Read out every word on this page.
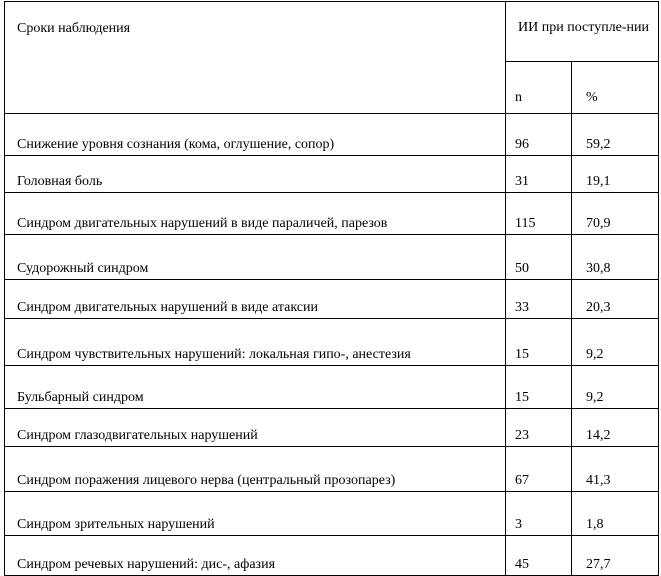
Сроки наблюдения	ИИ при поступле-нии	
	n	%
Снижение уровня сознания (кома, оглушение, сопор)	96	59,2
Головная боль	31	19,1
Синдром двигательных нарушений в виде параличей, парезов	115	70,9
Судорожный синдром	50	30,8
Синдром двигательных нарушений в виде атаксии	33	20,3
Синдром чувствительных нарушений: локальная гипо-, анестезия	15	9,2
Бульбарный синдром	15	9,2
Синдром глазодвигательных нарушений	23	14,2
Синдром поражения лицевого нерва (центральный прозопарез)	67	41,3
Синдром зрительных нарушений	3	1,8
Синдром речевых нарушений: дис-, афазия	45	27,7
